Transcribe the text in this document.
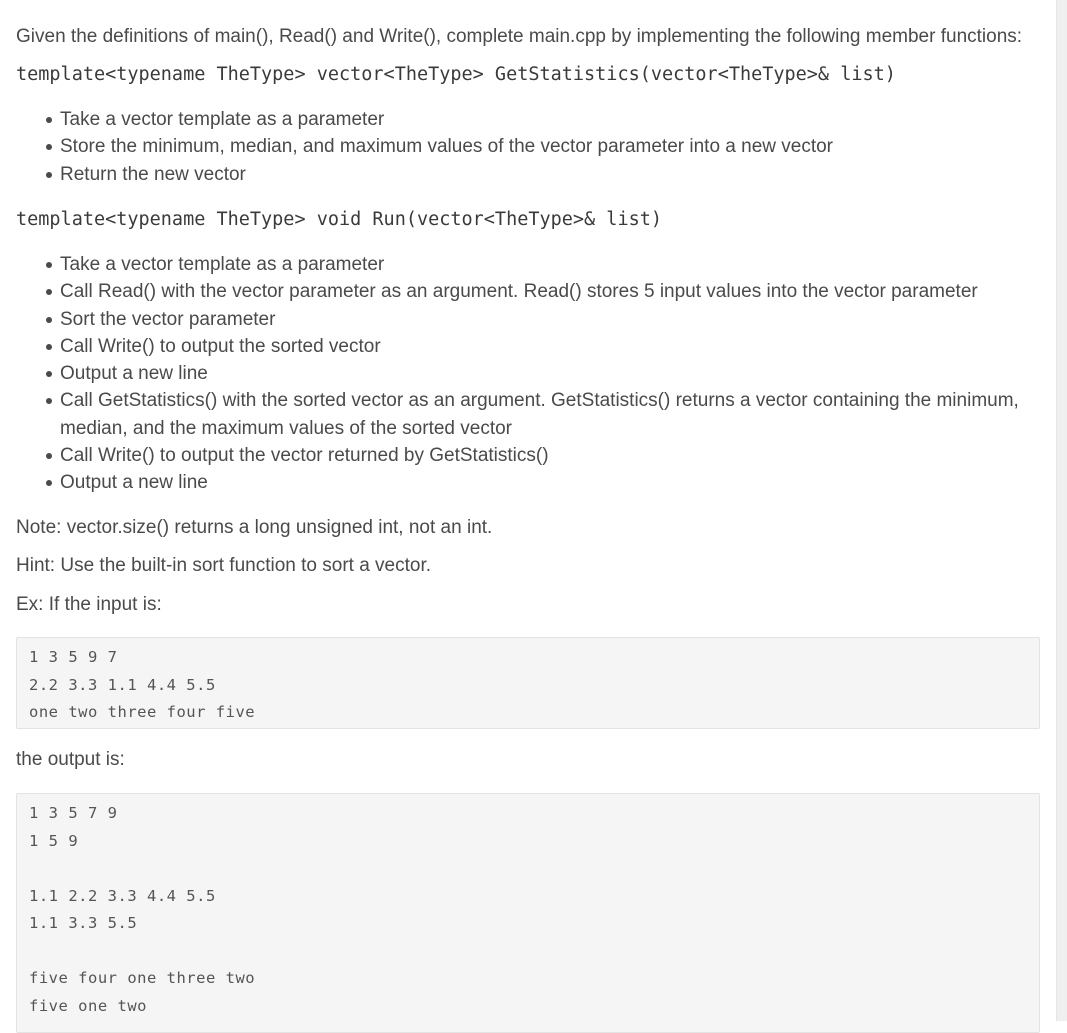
Given the definitions of main(), Read() and Write(), complete main.cpp by implementing the following member functions:

template<typename TheType> vector<TheType> GetStatistics(vector<TheType>& list)
Take a vector template as a parameter
Store the minimum, median, and maximum values of the vector parameter into a new vector
Return the new vector
template<typename TheType> void Run(vector<TheType>& list)
Take a vector template as a parameter
Call Read() with the vector parameter as an argument. Read() stores 5 input values into the vector parameter
Sort the vector parameter
Call Write() to output the sorted vector
Output a new line
Call GetStatistics() with the sorted vector as an argument. GetStatistics() returns a vector containing the minimum, median, and the maximum values of the sorted vector
Call Write() to output the vector returned by GetStatistics()
Output a new line

Note: vector.size() returns a long unsigned int, not an int.

Hint: Use the built-in sort function to sort a vector.

Ex: If the input is:

1 3 5 9 7
2.2 3.3 1.1 4.4 5.5
one two three four five

the output is:

1 3 5 7 9
1 5 9
1.1 2.2 3.3 4.4 5.5
1.1 3.3 5.5
five four one three two
five one two
